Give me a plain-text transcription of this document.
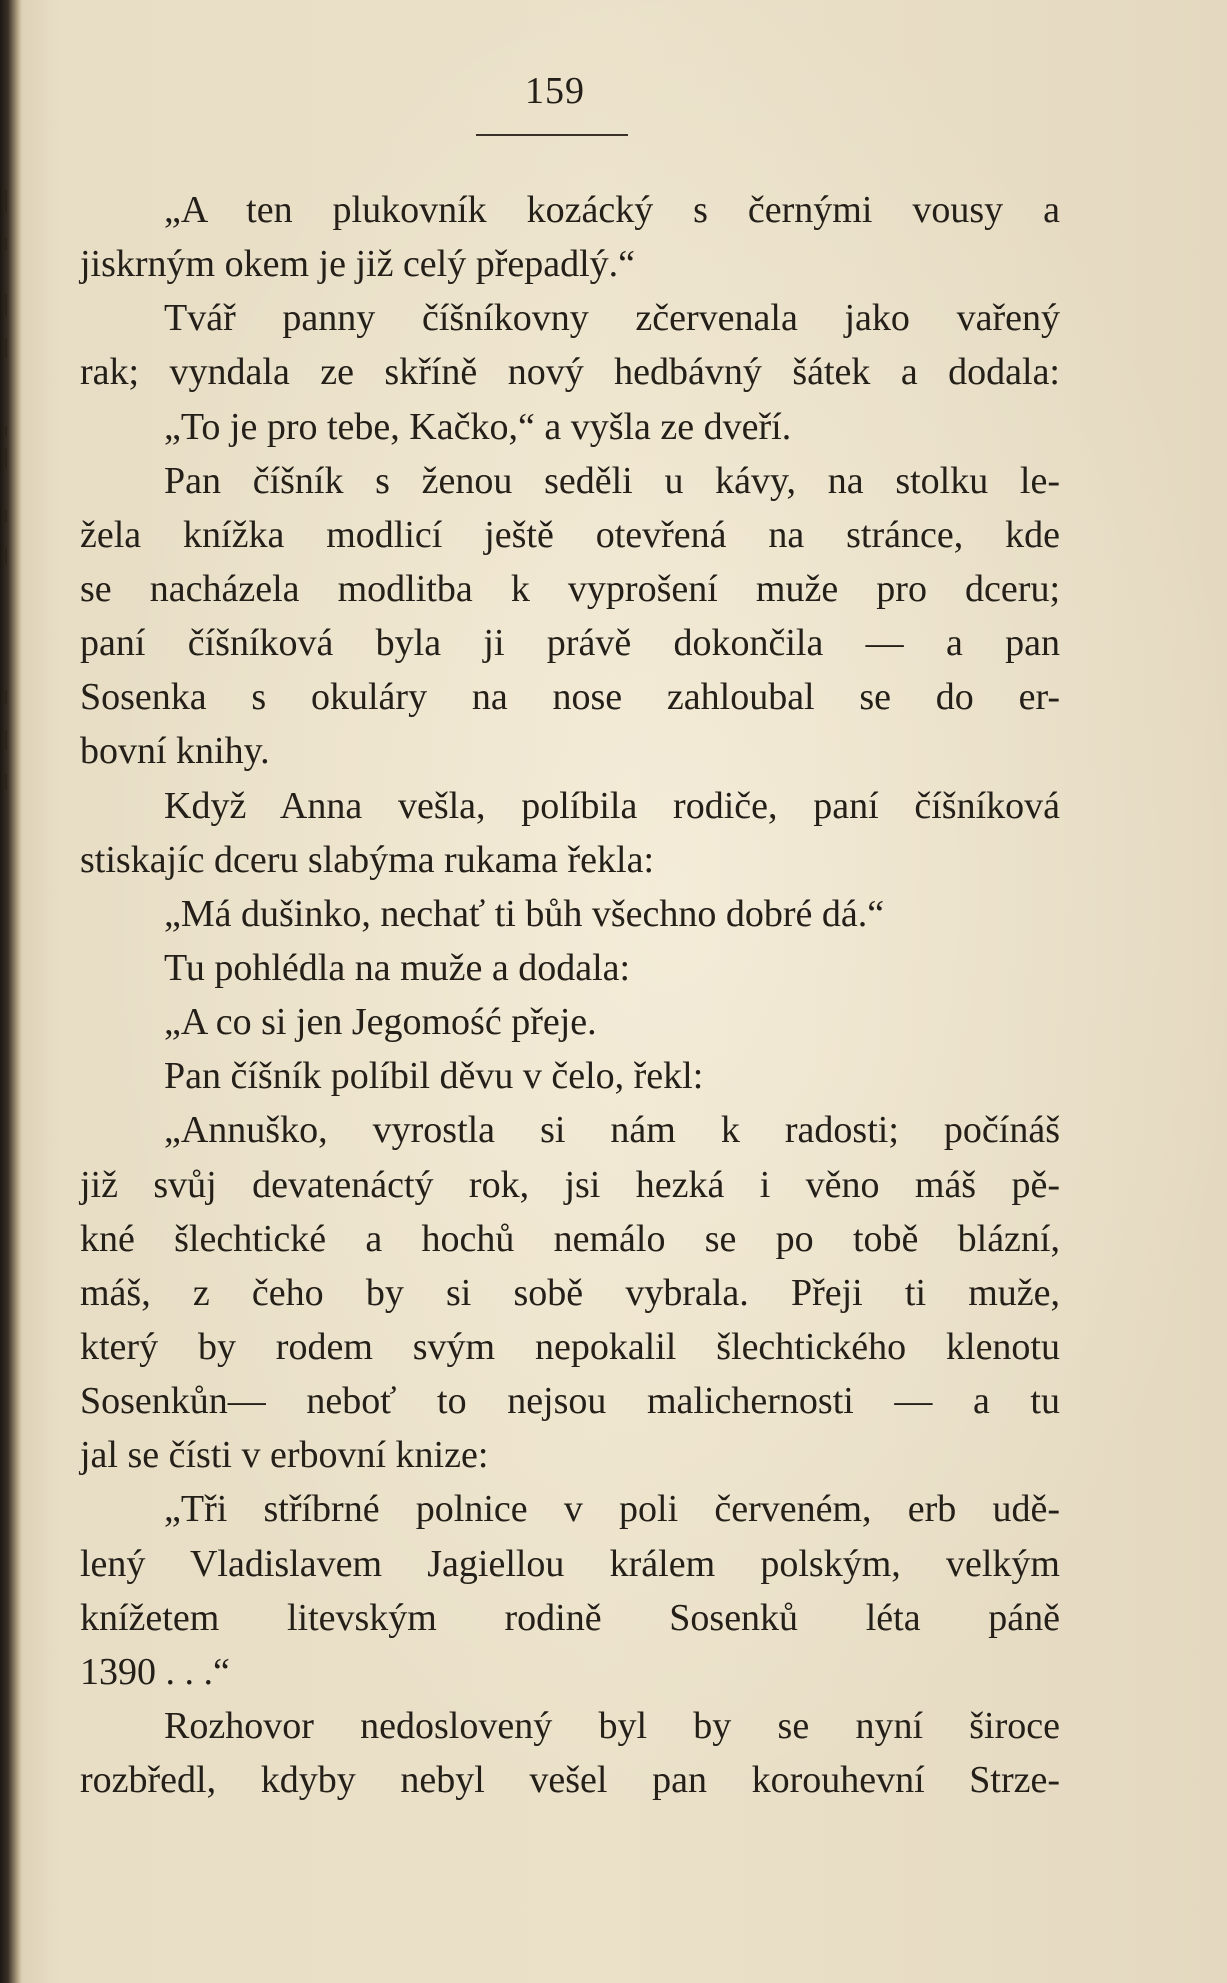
159
„A ten plukovník kozácký s černými vousy a
jiskrným okem je již celý přepadlý.“
Tvář panny číšníkovny zčervenala jako vařený
rak; vyndala ze skříně nový hedbávný šátek a dodala:
„To je pro tebe, Kačko,“ a vyšla ze dveří.
Pan číšník s ženou seděli u kávy, na stolku le-
žela knížka modlicí ještě otevřená na stránce, kde
se nacházela modlitba k vyprošení muže pro dceru;
paní číšníková byla ji právě dokončila — a pan
Sosenka s okuláry na nose zahloubal se do er-
bovní knihy.
Když Anna vešla, políbila rodiče, paní číšníková
stiskajíc dceru slabýma rukama řekla:
„Má dušinko, nechať ti bůh všechno dobré dá.“
Tu pohlédla na muže a dodala:
„A co si jen Jegomość přeje.
Pan číšník políbil děvu v čelo, řekl:
„Annuško, vyrostla si nám k radosti; počínáš
již svůj devatenáctý rok, jsi hezká i věno máš pě-
kné šlechtické a hochů nemálo se po tobě blázní,
máš, z čeho by si sobě vybrala. Přeji ti muže,
který by rodem svým nepokalil šlechtického klenotu
Sosenkůn— neboť to nejsou malichernosti — a tu
jal se čísti v erbovní knize:
„Tři stříbrné polnice v poli červeném, erb udě-
lený Vladislavem Jagiellou králem polským, velkým
knížetem litevským rodině Sosenků léta páně
1390 . . .“
Rozhovor nedoslovený byl by se nyní široce
rozbředl, kdyby nebyl vešel pan korouhevní Strze-
